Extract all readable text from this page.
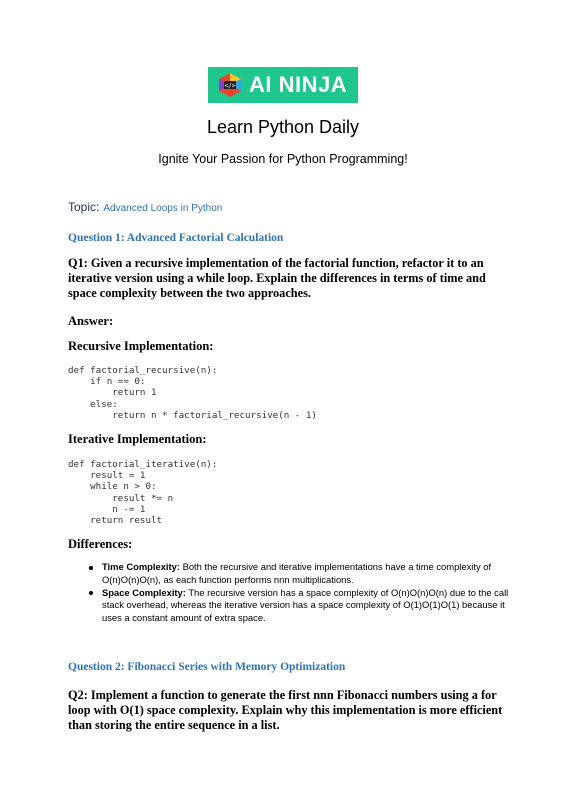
</> AI NINJA
Learn Python Daily
Ignite Your Passion for Python Programming!
Topic: Advanced Loops in Python
Question 1: Advanced Factorial Calculation
Q1: Given a recursive implementation of the factorial function, refactor it to an iterative version using a while loop. Explain the differences in terms of time and space complexity between the two approaches.
Answer:
Recursive Implementation:
def factorial_recursive(n):
if n == 0:
return 1
else:
return n * factorial_recursive(n - 1)
Iterative Implementation:
def factorial_iterative(n):
result = 1
while n > 0:
result *= n
n -= 1
return result
Differences:
Time Complexity: Both the recursive and iterative implementations have a time complexity of O(n)O(n)O(n), as each function performs nnn multiplications.
Space Complexity: The recursive version has a space complexity of O(n)O(n)O(n) due to the call stack overhead, whereas the iterative version has a space complexity of O(1)O(1)O(1) because it uses a constant amount of extra space.
Question 2: Fibonacci Series with Memory Optimization
Q2: Implement a function to generate the first nnn Fibonacci numbers using a for loop with O(1) space complexity. Explain why this implementation is more efficient than storing the entire sequence in a list.
